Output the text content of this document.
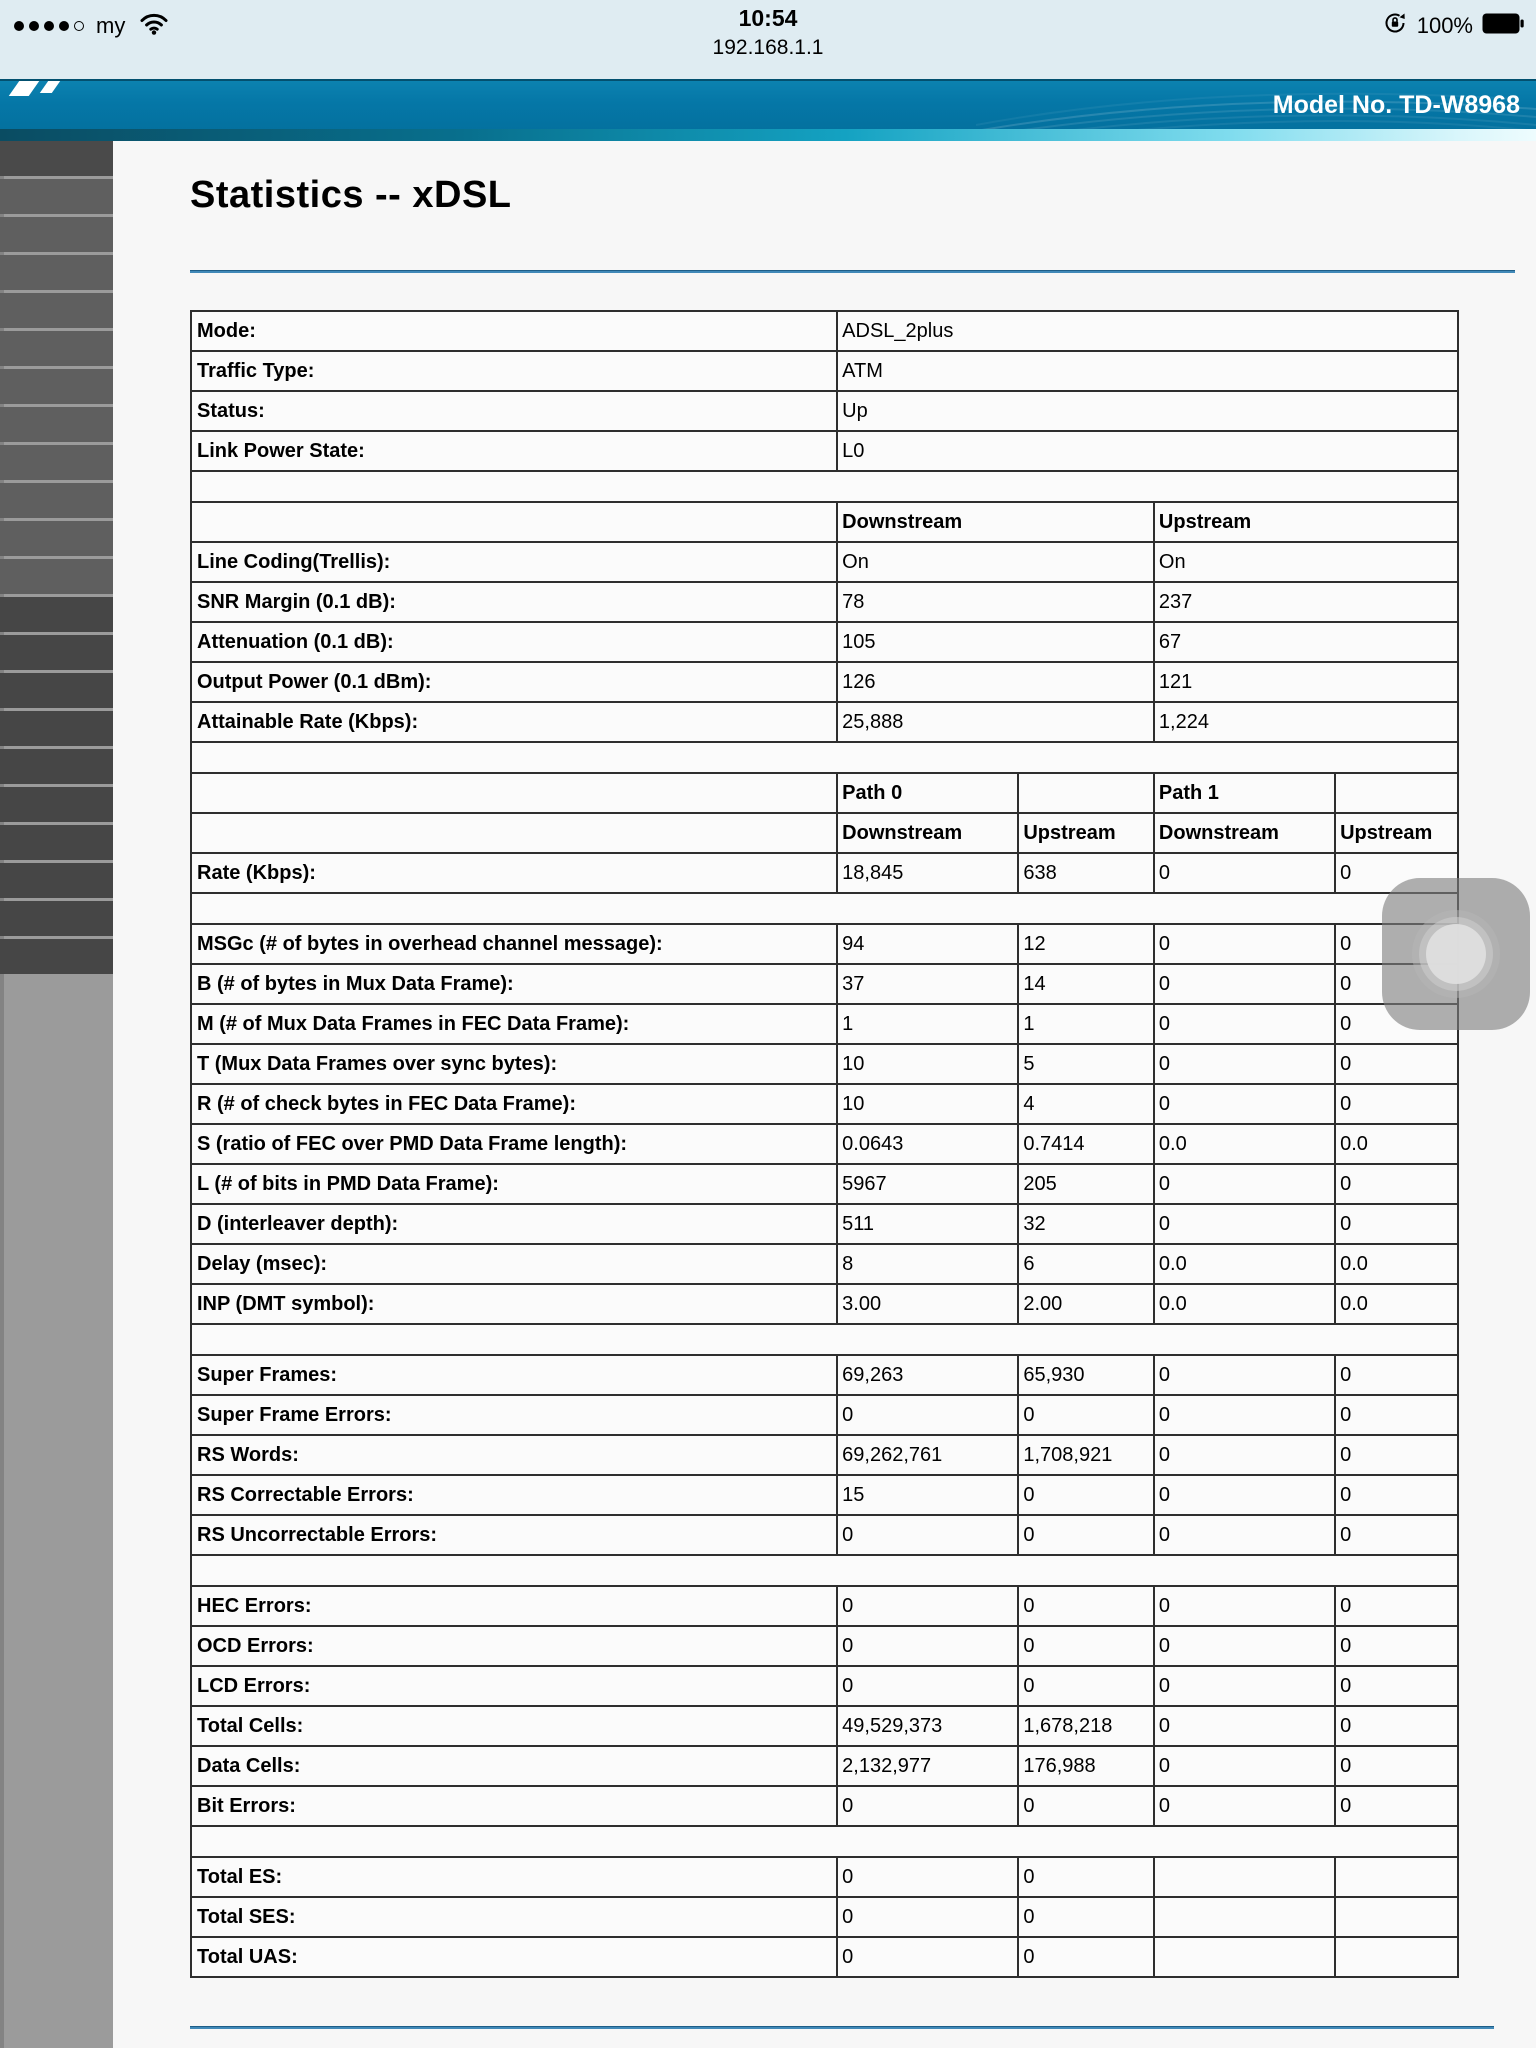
my	10:54
192.168.1.1
100%
Model No. TD-W8968
Statistics -- xDSL
Mode:	ADSL_2plus			
Traffic Type:	ATM			
Status:	Up			
Link Power State:	L0			

	Downstream		Upstream	
Line Coding(Trellis):	On		On	
SNR Margin (0.1 dB):	78		237	
Attenuation (0.1 dB):	105		67	
Output Power (0.1 dBm):	126		121	
Attainable Rate (Kbps):	25,888		1,224	

	Path 0		Path 1	
	Downstream	Upstream	Downstream	Upstream
Rate (Kbps):	18,845	638	0	0

MSGc (# of bytes in overhead channel message):	94	12	0	0
B (# of bytes in Mux Data Frame):	37	14	0	0
M (# of Mux Data Frames in FEC Data Frame):	1	1	0	0
T (Mux Data Frames over sync bytes):	10	5	0	0
R (# of check bytes in FEC Data Frame):	10	4	0	0
S (ratio of FEC over PMD Data Frame length):	0.0643	0.7414	0.0	0.0
L (# of bits in PMD Data Frame):	5967	205	0	0
D (interleaver depth):	511	32	0	0
Delay (msec):	8	6	0.0	0.0
INP (DMT symbol):	3.00	2.00	0.0	0.0

Super Frames:	69,263	65,930	0	0
Super Frame Errors:	0	0	0	0
RS Words:	69,262,761	1,708,921	0	0
RS Correctable Errors:	15	0	0	0
RS Uncorrectable Errors:	0	0	0	0

HEC Errors:	0	0	0	0
OCD Errors:	0	0	0	0
LCD Errors:	0	0	0	0
Total Cells:	49,529,373	1,678,218	0	0
Data Cells:	2,132,977	176,988	0	0
Bit Errors:	0	0	0	0

Total ES:	0	0		
Total SES:	0	0		
Total UAS:	0	0		
